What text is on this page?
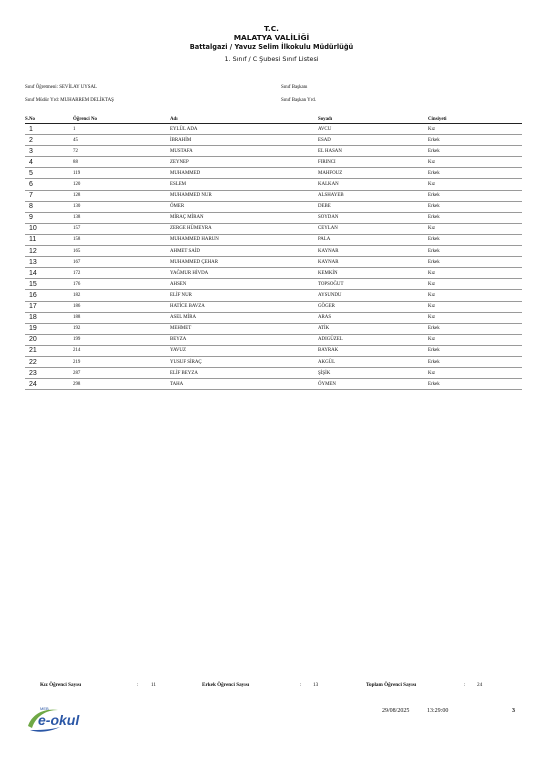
T.C.
MALATYA VALİLİĞİ
Battalgazi / Yavuz Selim İlkokulu Müdürlüğü
1. Sınıf / C Şubesi Sınıf Listesi
Sınıf Öğretmeni: SEVİLAY UYSAL	Sınıf Başkanı
Sınıf Müdür Yrd: MUHARREM DELİKTAŞ	Sınıf Başkan Yrd.
S.No	Öğrenci No	Adı	Soyadı	Cinsiyeti
1	1	EYLÜL ADA	AVCU	Kız
2	45	İBRAHİM	ESAD	Erkek
3	72	MUSTAFA	EL HASAN	Erkek
4	88	ZEYNEP	FIRINCI	Kız
5	119	MUHAMMED	MAHFOUZ	Erkek
6	120	ESLEM	KALKAN	Kız
7	128	MUHAMMED NUR	ALSHAYEB	Erkek
8	130	ÖMER	DEBE	Erkek
9	138	MİRAÇ MİRAN	SOYDAN	Erkek
10	157	ZERGE HÜMEYRA	CEYLAN	Kız
11	158	MUHAMMED HARUN	PALA	Erkek
12	165	AHMET SAİD	KAYNAR	Erkek
13	167	MUHAMMED ÇEHAR	KAYNAR	Erkek
14	172	YAĞMUR HİVDA	KEMKİN	Kız
15	176	AHSEN	TOPSOĞUT	Kız
16	182	ELİF NUR	AYSUNDU	Kız
17	186	HATİCE BAVZA	GÖGER	Kız
18	188	ASEL MİRA	ARAS	Kız
19	192	MEHMET	ATİK	Erkek
20	199	BEYZA	ADIGÜZEL	Kız
21	214	YAVUZ	BAYRAK	Erkek
22	219	YUSUF SİRAÇ	AKGÜL	Erkek
23	287	ELİF BEYZA	ŞİŞİK	Kız
24	298	TAHA	ÖYMEN	Erkek
Kız Öğrenci Sayısı	: 11	Erkek Öğrenci Sayısı	: 13	Toplam Öğrenci Sayısı	: 24
MEB
e-okul
29/08/2025	13:29:00	3
